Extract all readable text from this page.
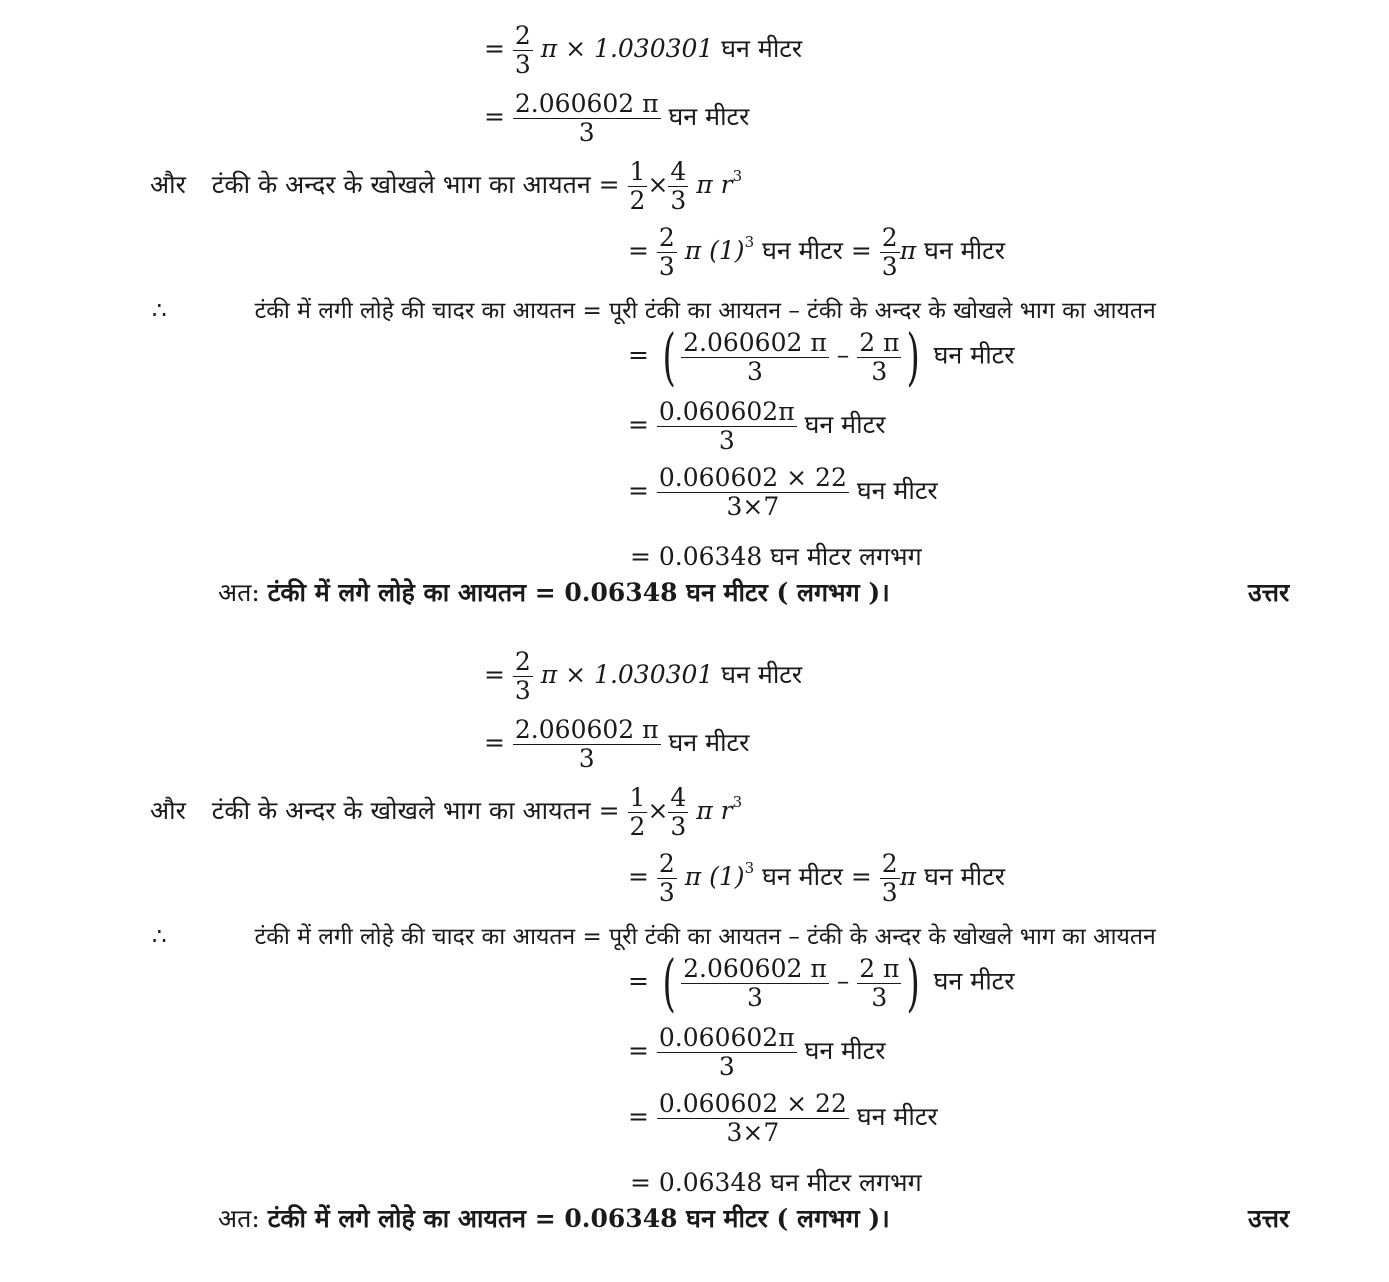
= $\frac{2}{3}$ π × 1.030301 घन मीटर
= $\frac{2.060602 \pi}{3}$ घन मीटर
और टंकी के अन्दर के खोखले भाग का आयतन = $\frac{1}{2} \times \frac{4}{3}$ π $r^3$
= $\frac{2}{3}$ π $(1)^3$ घन मीटर = $\frac{2}{3}$ π घन मीटर
∴	टंकी में लगी लोहे की चादर का आयतन = पूरी टंकी का आयतन – टंकी के अन्दर के खोखले भाग का आयतन
= ( $\frac{2.060602 \pi}{3} - \frac{2 \pi}{3}$ ) घन मीटर
= $\frac{0.060602\pi}{3}$ घन मीटर
= $\frac{0.060602 \times 22}{3\times 7}$ घन मीटर
= 0.06348 घन मीटर लगभग
अत: टंकी में लगे लोहे का आयतन = 0.06348 घन मीटर ( लगभग )।	उत्तर
= $\frac{2}{3}$ π × 1.030301 घन मीटर
= $\frac{2.060602 \pi}{3}$ घन मीटर
और टंकी के अन्दर के खोखले भाग का आयतन = $\frac{1}{2} \times \frac{4}{3}$ π $r^3$
= $\frac{2}{3}$ π $(1)^3$ घन मीटर = $\frac{2}{3}$ π घन मीटर
∴	टंकी में लगी लोहे की चादर का आयतन = पूरी टंकी का आयतन – टंकी के अन्दर के खोखले भाग का आयतन
= ( $\frac{2.060602 \pi}{3} - \frac{2 \pi}{3}$ ) घन मीटर
= $\frac{0.060602\pi}{3}$ घन मीटर
= $\frac{0.060602 \times 22}{3\times 7}$ घन मीटर
= 0.06348 घन मीटर लगभग
अत: टंकी में लगे लोहे का आयतन = 0.06348 घन मीटर ( लगभग )।	उत्तर
